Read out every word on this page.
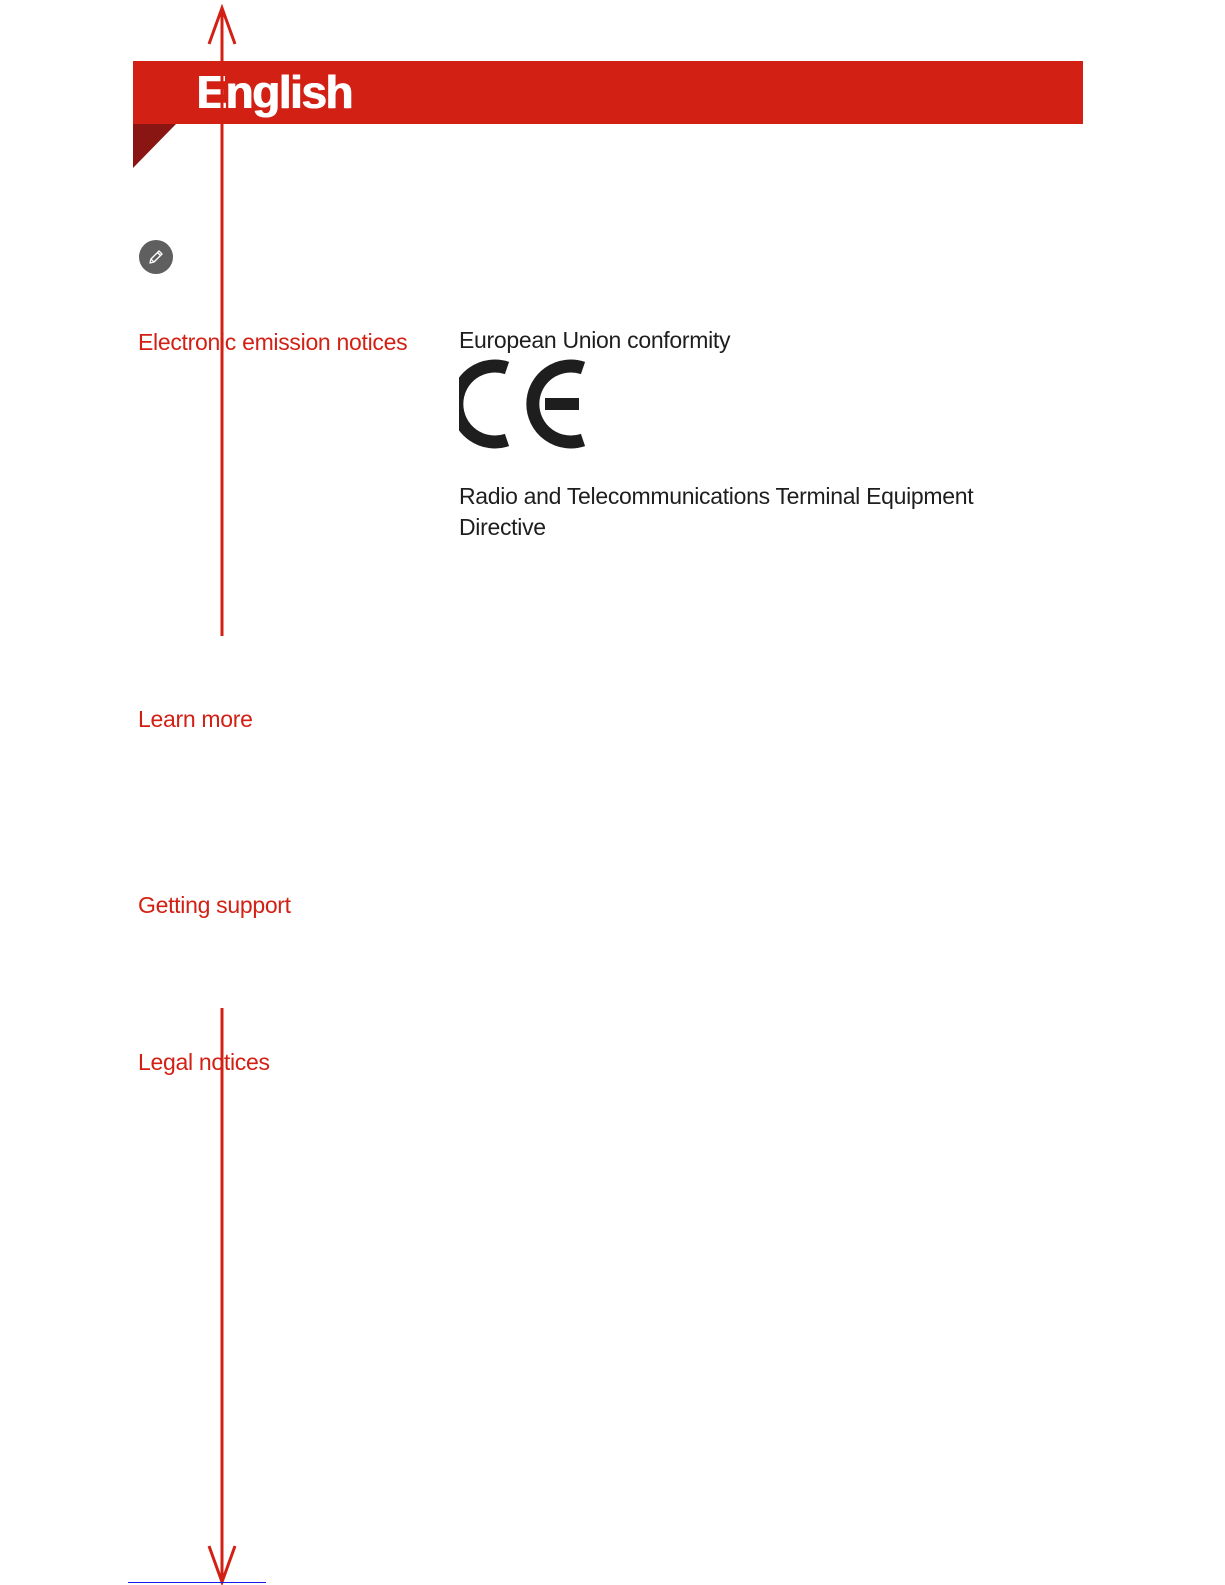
English
Electronic emission notices
Learn more
Getting support
Legal notices
European Union conformity
Radio and Telecommunications Terminal Equipment Directive
